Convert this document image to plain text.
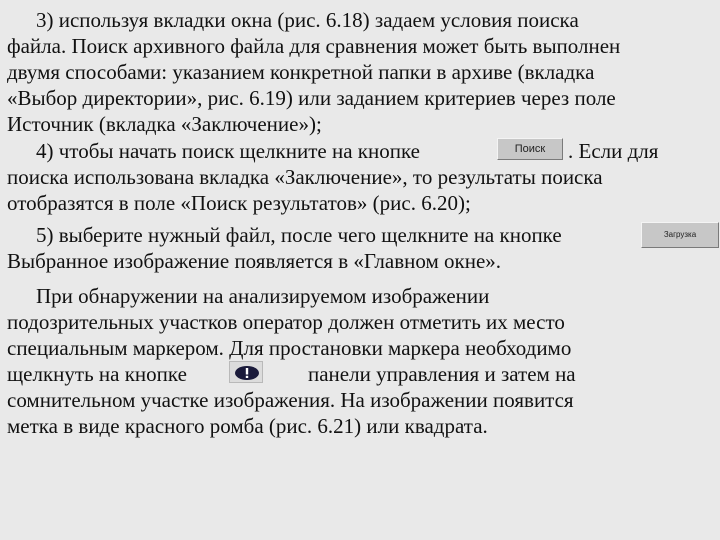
3) используя вкладки окна (рис. 6.18) задаем условия поиска
файла. Поиск архивного файла для сравнения может быть выполнен
двумя способами: указанием конкретной папки в архиве (вкладка
«Выбор директории», рис. 6.19) или заданием критериев через поле
Источник (вкладка «Заключение»);
4) чтобы начать поиск щелкните на кнопке	Поиск	. Если для
поиска использована вкладка «Заключение», то результаты поиска
отобразятся в поле «Поиск результатов» (рис. 6.20);
5) выберите нужный файл, после чего щелкните на кнопке	Загрузка
Выбранное изображение появляется в «Главном окне».
При обнаружении на анализируемом изображении
подозрительных участков оператор должен отметить их место
специальным маркером. Для простановки маркера необходимо
щелкнуть на кнопке	панели управления и затем на
сомнительном участке изображения. На изображении появится
метка в виде красного ромба (рис. 6.21) или квадрата.
